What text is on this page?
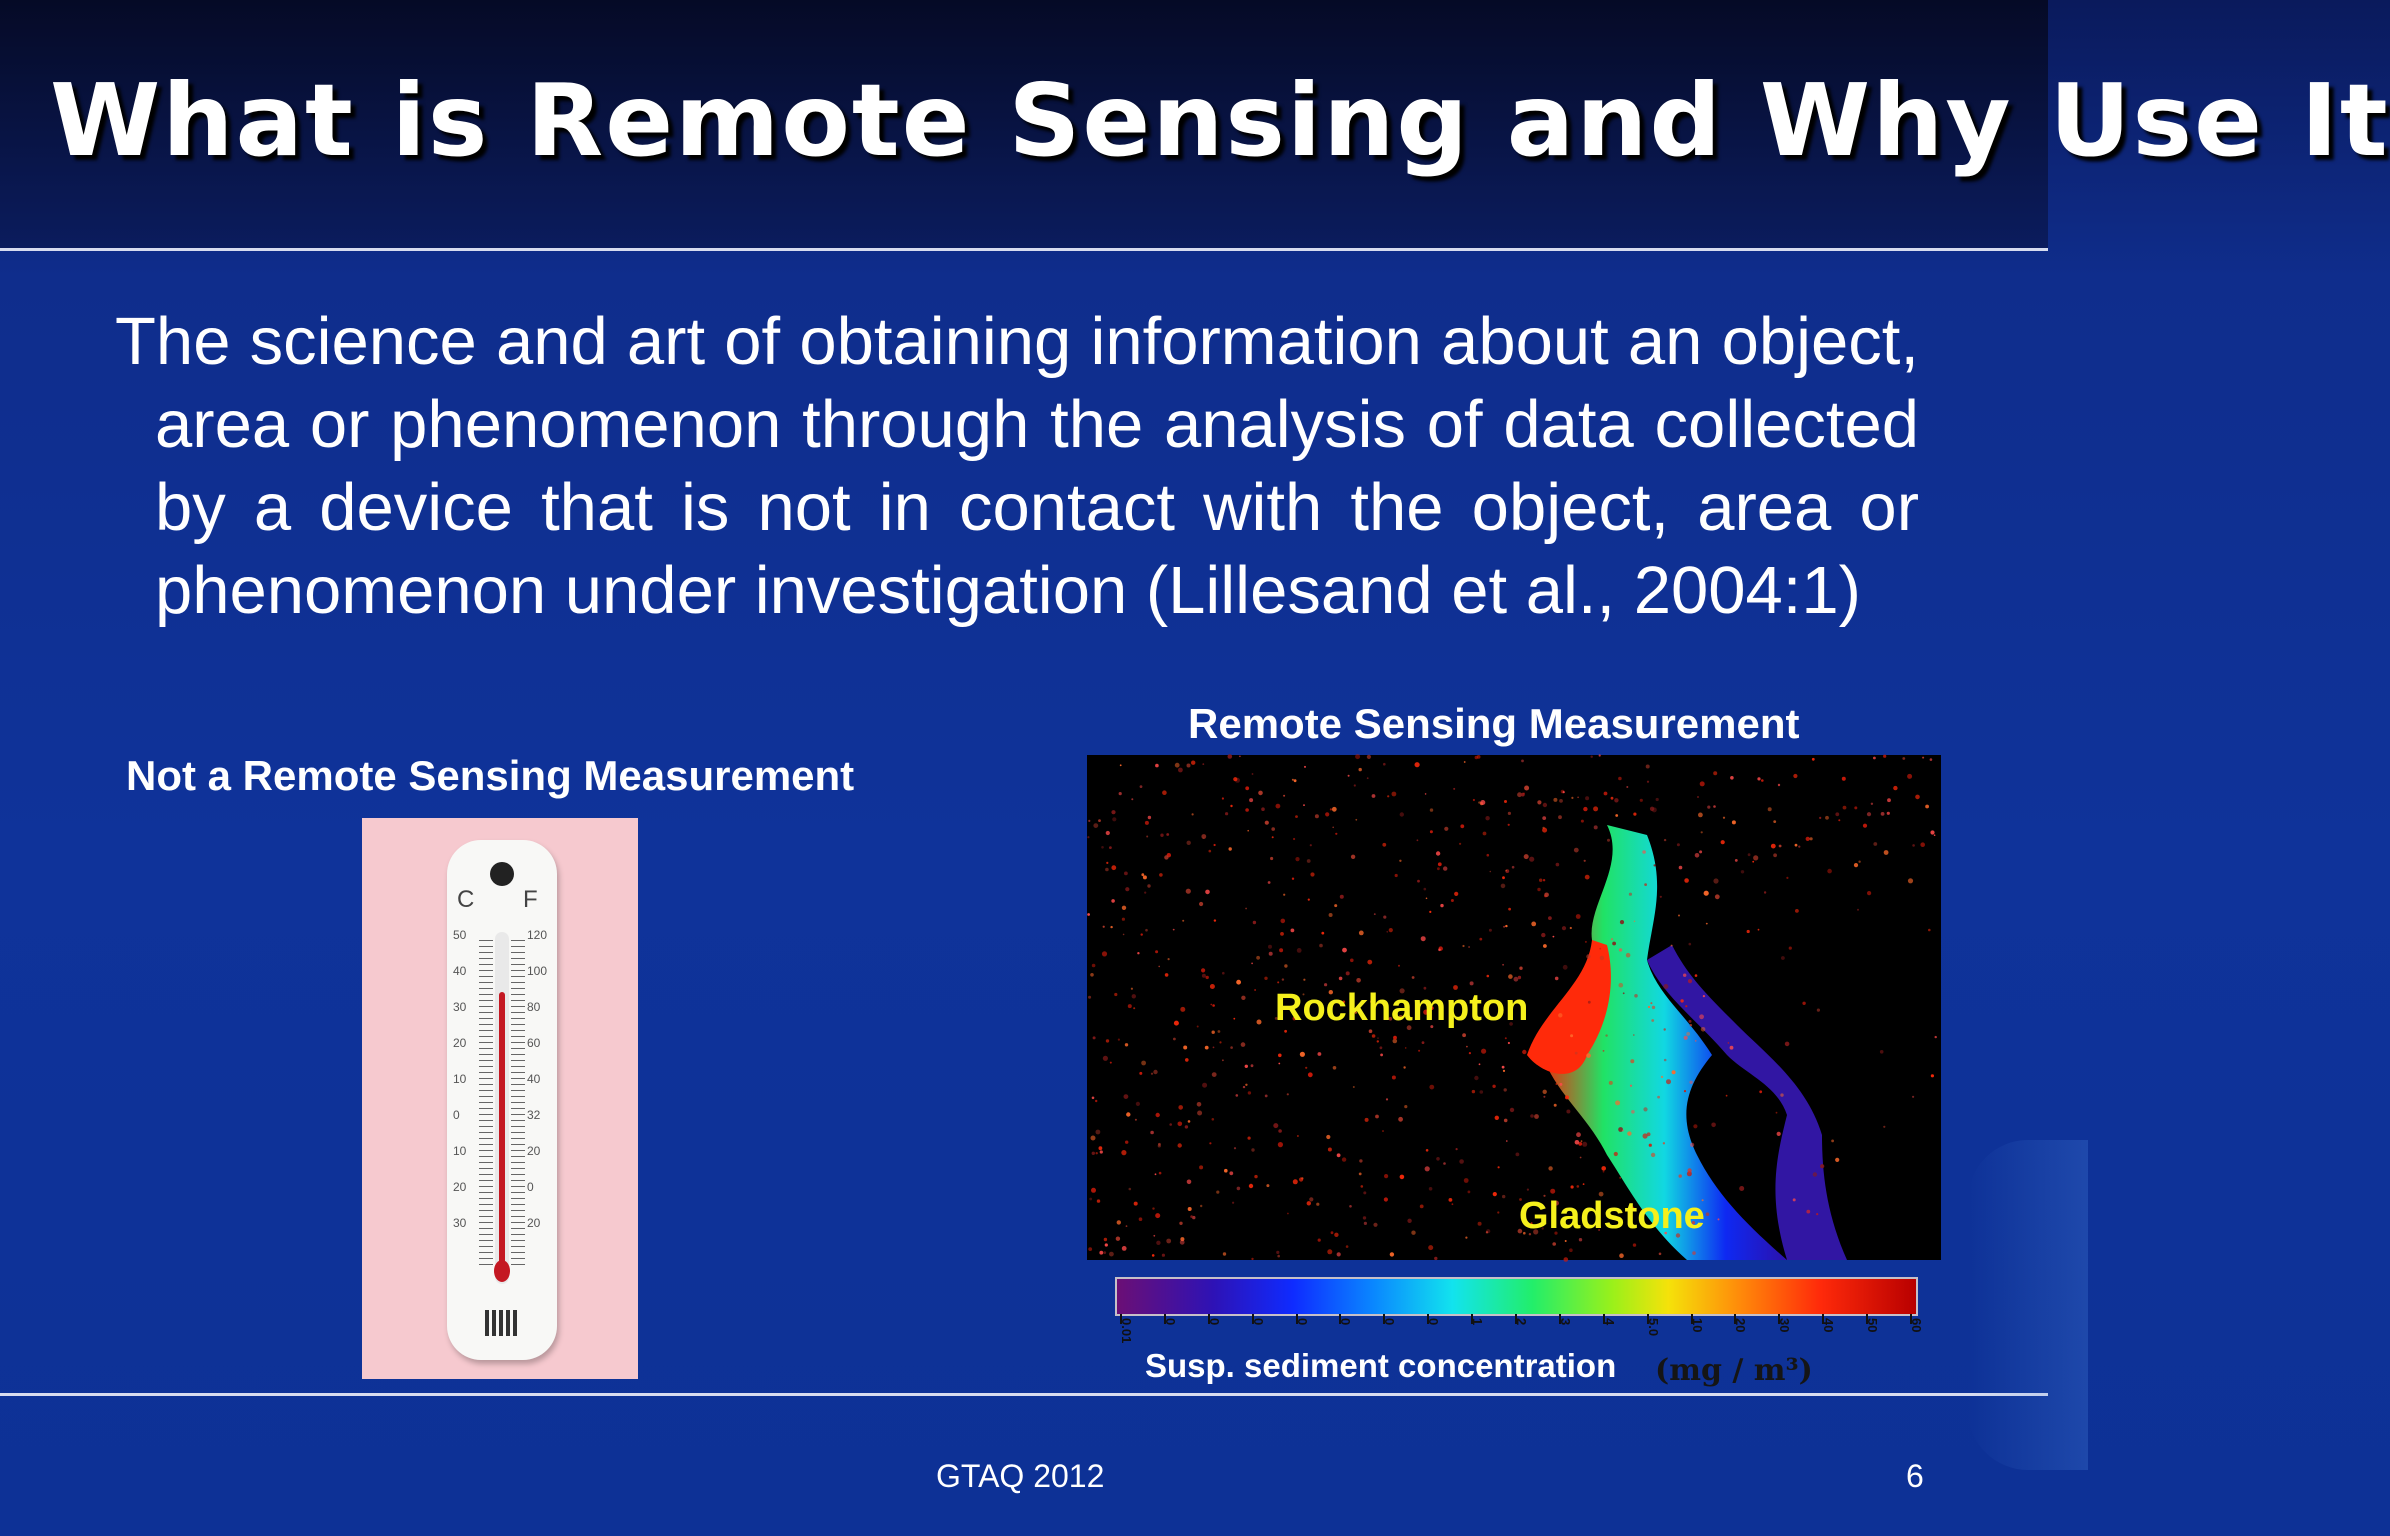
What is Remote Sensing and Why Use It
The science and art of obtaining information about an object, area or phenomenon through the analysis of data collected by a device that is not in contact with the object, area or phenomenon under investigation (Lillesand et al., 2004:1)
Not a Remote Sensing Measurement
Remote Sensing Measurement
C F
50
40
30
20
10
0
10
20
30
120
100
80
60
40
32
20
0
20
Rockhampton
Gladstone
0.01 0 0 0 0 0 0 0 1 2 3 4 5.0 10 20 30 40 50 60
Susp. sediment concentration (mg / m³)
GTAQ 2012	6
